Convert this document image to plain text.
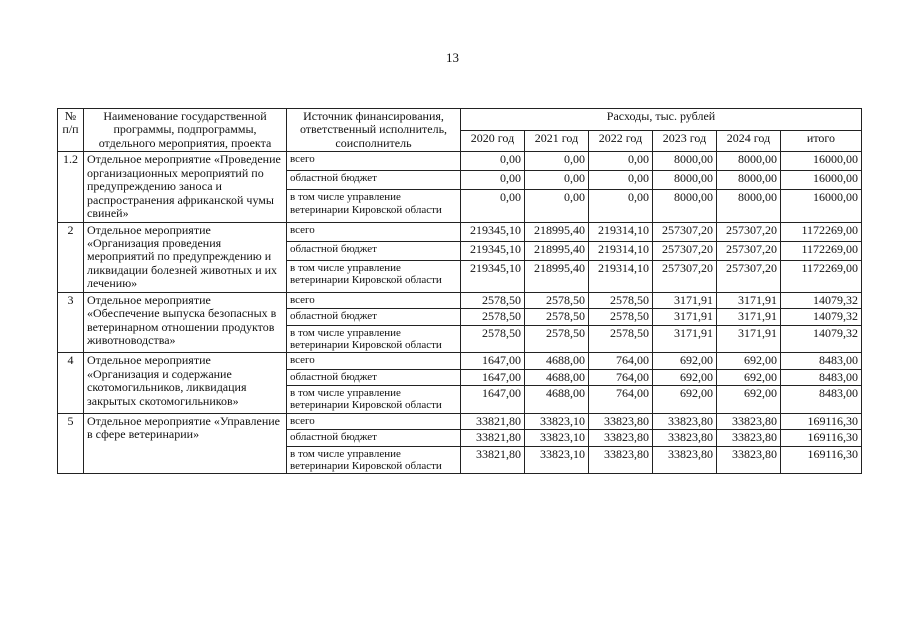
13
№ п/п	Наименование государственной программы, подпрограммы, отдельного мероприятия, проекта	Источник финансирования, ответственный исполнитель, соисполнитель	Расходы, тыс. рублей					
			2020 год	2021 год	2022 год	2023 год	2024 год	итого
1.2	Отдельное мероприятие «Проведение организационных мероприятий по предупреждению заноса и распространения африканской чумы свиней»	всего	0,00	0,00	0,00	8000,00	8000,00	16000,00
		областной бюджет	0,00	0,00	0,00	8000,00	8000,00	16000,00
		в том числе управление ветеринарии Кировской области	0,00	0,00	0,00	8000,00	8000,00	16000,00
2	Отдельное мероприятие «Организация проведения мероприятий по предупреждению и ликвидации болезней животных и их лечению»	всего	219345,10	218995,40	219314,10	257307,20	257307,20	1172269,00
		областной бюджет	219345,10	218995,40	219314,10	257307,20	257307,20	1172269,00
		в том числе управление ветеринарии Кировской области	219345,10	218995,40	219314,10	257307,20	257307,20	1172269,00
3	Отдельное мероприятие «Обеспечение выпуска безопасных в ветеринарном отношении продуктов животноводства»	всего	2578,50	2578,50	2578,50	3171,91	3171,91	14079,32
		областной бюджет	2578,50	2578,50	2578,50	3171,91	3171,91	14079,32
		в том числе управление ветеринарии Кировской области	2578,50	2578,50	2578,50	3171,91	3171,91	14079,32
4	Отдельное мероприятие «Организация и содержание скотомогильников, ликвидация закрытых скотомогильников»	всего	1647,00	4688,00	764,00	692,00	692,00	8483,00
		областной бюджет	1647,00	4688,00	764,00	692,00	692,00	8483,00
		в том числе управление ветеринарии Кировской области	1647,00	4688,00	764,00	692,00	692,00	8483,00
5	Отдельное мероприятие «Управление в сфере ветеринарии»	всего	33821,80	33823,10	33823,80	33823,80	33823,80	169116,30
		областной бюджет	33821,80	33823,10	33823,80	33823,80	33823,80	169116,30
		в том числе управление ветеринарии Кировской области	33821,80	33823,10	33823,80	33823,80	33823,80	169116,30
